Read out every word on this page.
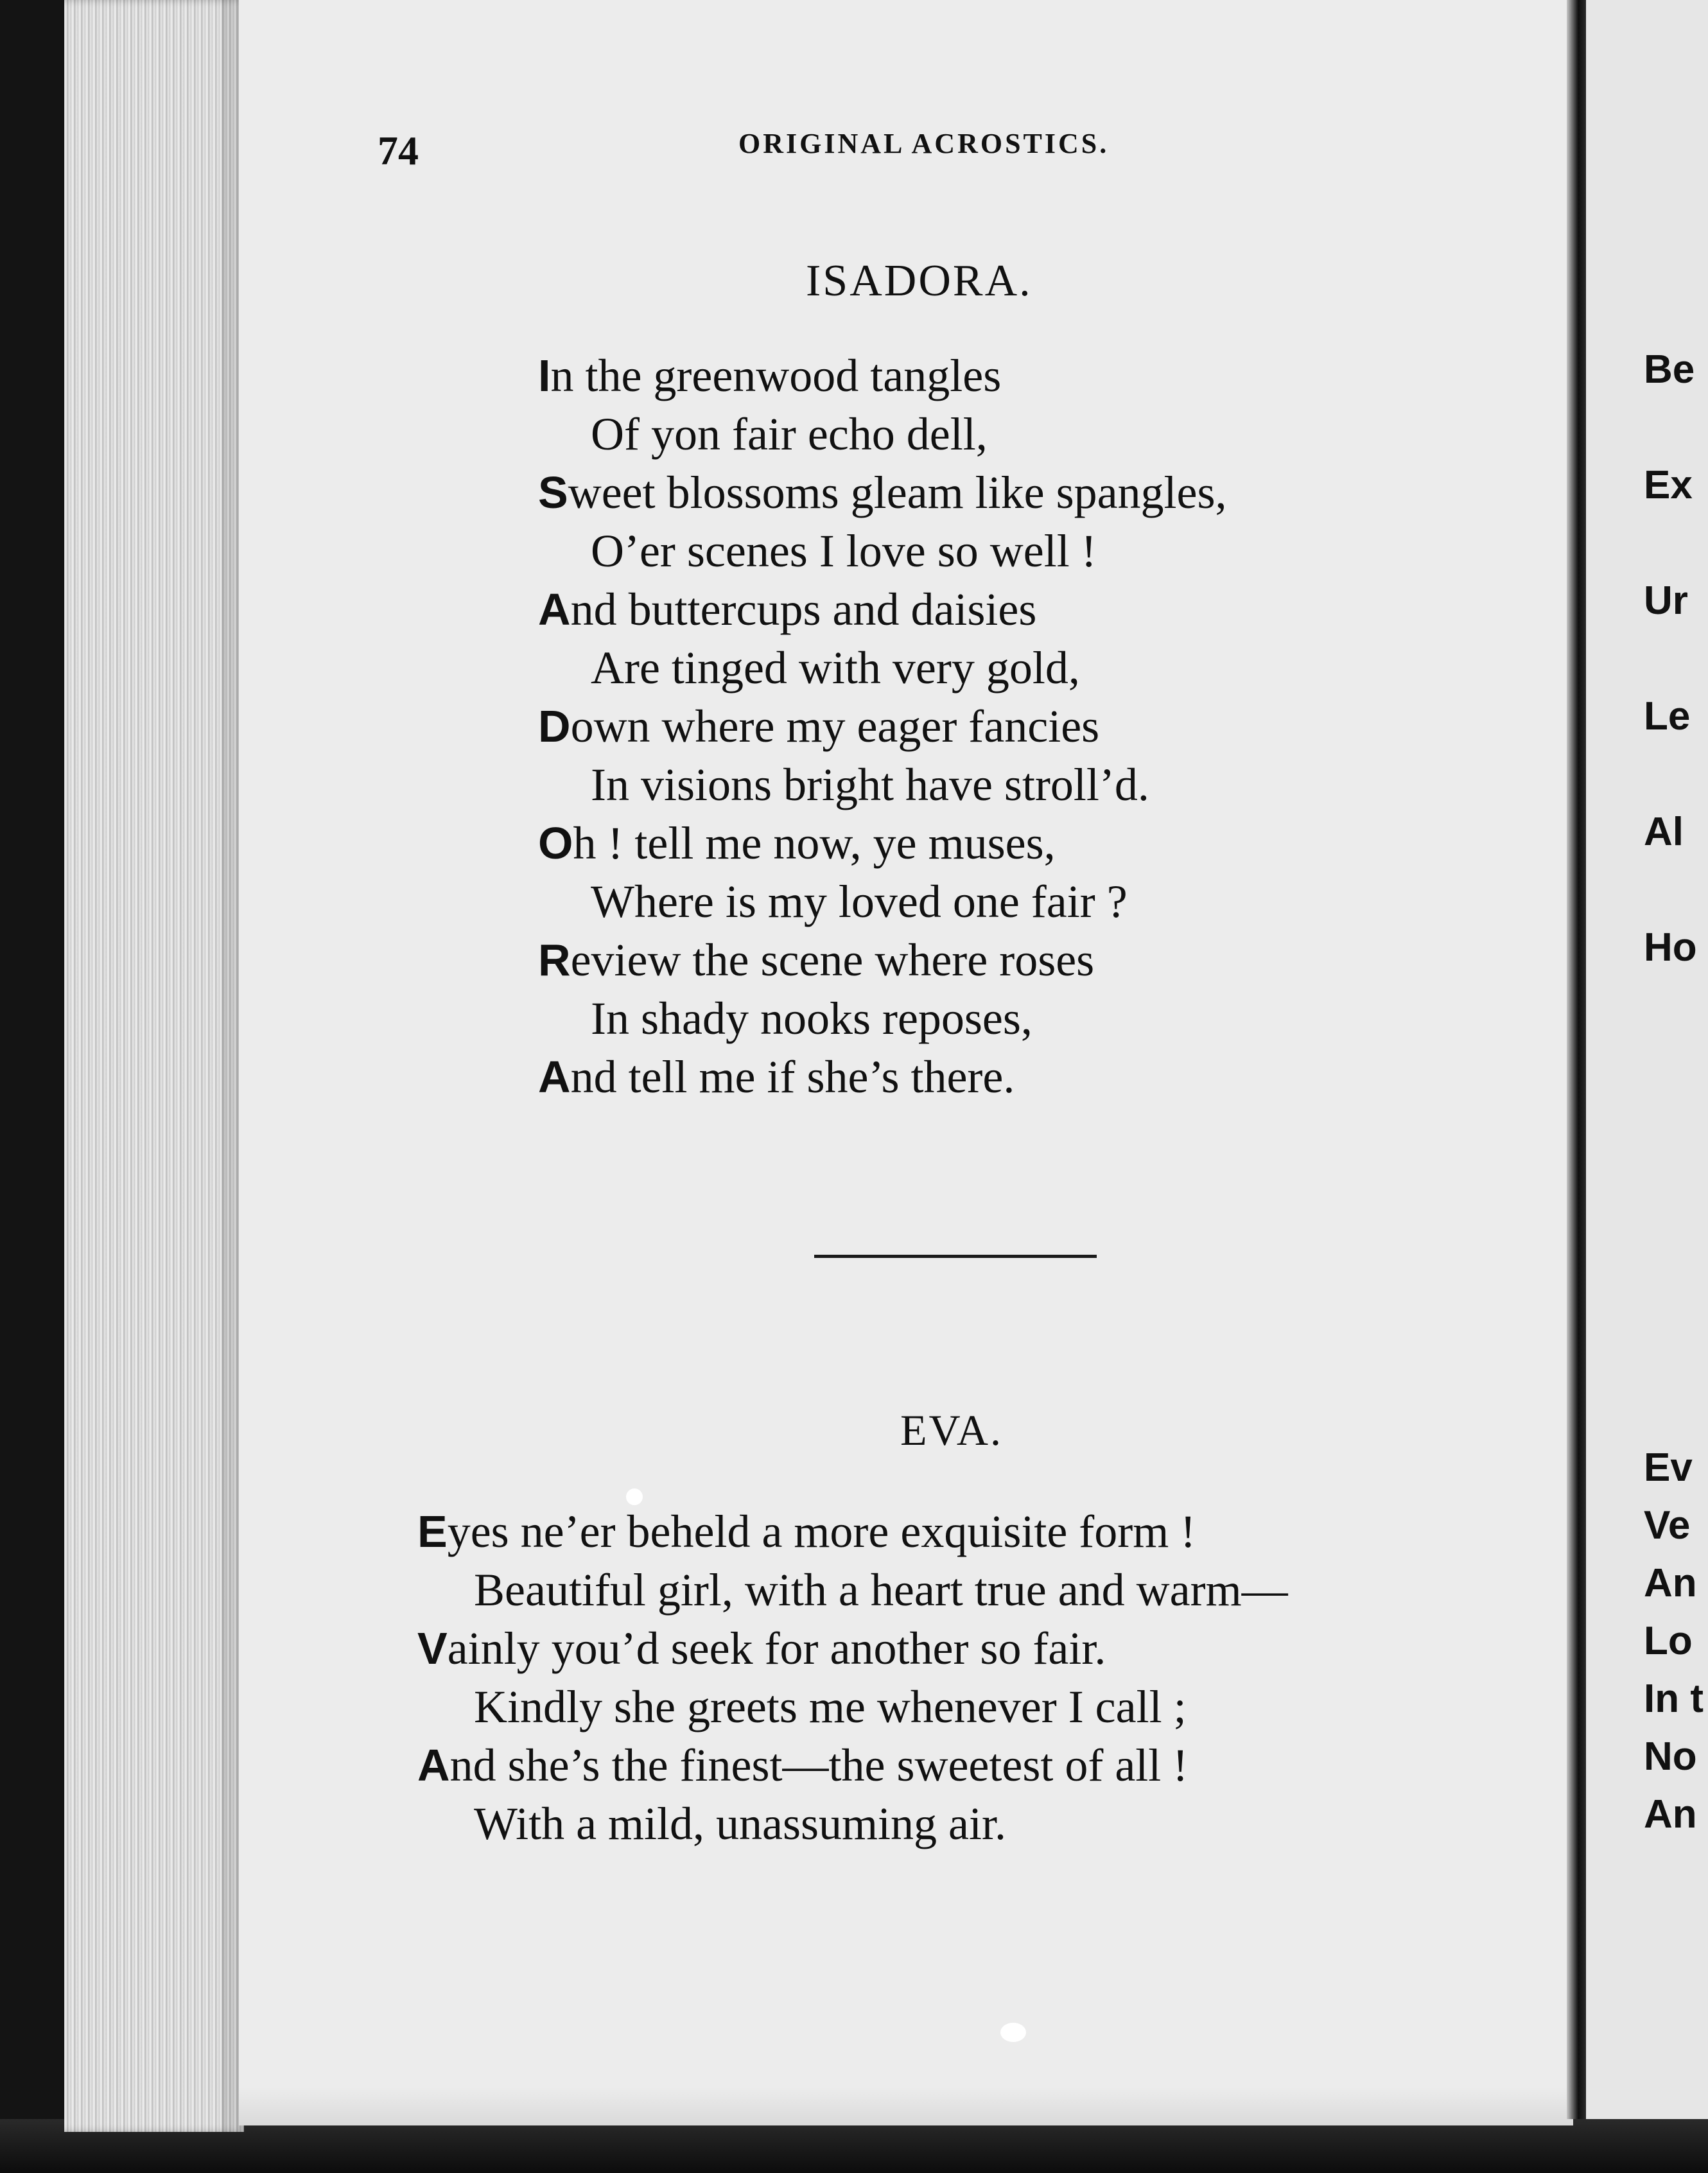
74	ORIGINAL ACROSTICS.
ISADORA.
In the greenwood tangles
Of yon fair echo dell,
Sweet blossoms gleam like spangles,
O’er scenes I love so well !
And buttercups and daisies
Are tinged with very gold,
Down where my eager fancies
In visions bright have stroll’d.
Oh ! tell me now, ye muses,
Where is my loved one fair ?
Review the scene where roses
In shady nooks reposes,
And tell me if she’s there.
EVA.
Eyes ne’er beheld a more exquisite form !
Beautiful girl, with a heart true and warm—
Vainly you’d seek for another so fair.
Kindly she greets me whenever I call ;
And she’s the finest—the sweetest of all !
With a mild, unassuming air.
Be
Ex
Ur
Le
Al
Ho
Ev
Ve
An
Lo
In t
No
An
